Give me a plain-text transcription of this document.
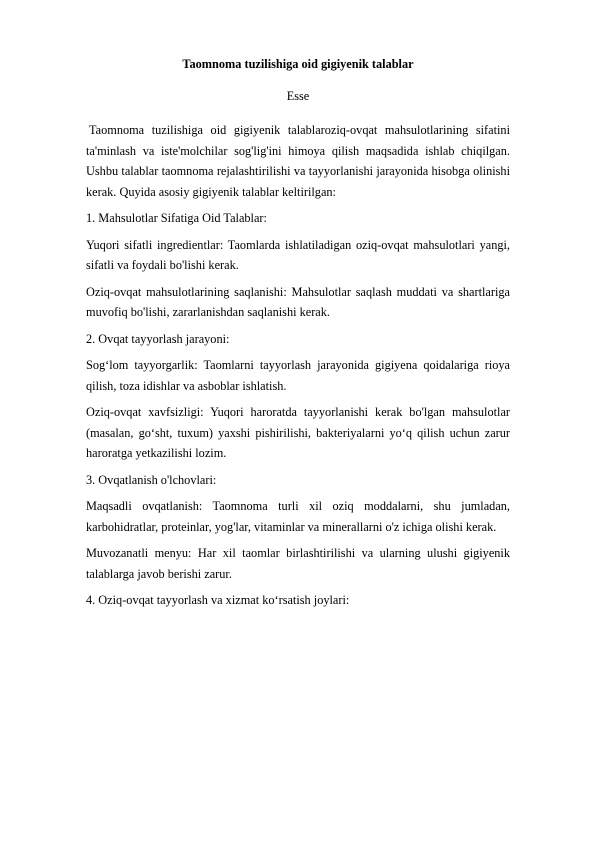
Taomnoma tuzilishiga oid gigiyenik talablar

Esse

Taomnoma tuzilishiga oid gigiyenik talablaroziq-ovqat mahsulotlarining sifatini ta'minlash va iste'molchilar sog'lig'ini himoya qilish maqsadida ishlab chiqilgan. Ushbu talablar taomnoma rejalashtirilishi va tayyorlanishi jarayonida hisobga olinishi kerak. Quyida asosiy gigiyenik talablar keltirilgan:

1. Mahsulotlar Sifatiga Oid Talablar:

Yuqori sifatli ingredientlar: Taomlarda ishlatiladigan oziq-ovqat mahsulotlari yangi, sifatli va foydali bo'lishi kerak.

Oziq-ovqat mahsulotlarining saqlanishi: Mahsulotlar saqlash muddati va shartlariga muvofiq bo'lishi, zararlanishdan saqlanishi kerak.

2. Ovqat tayyorlash jarayoni:

Sog‘lom tayyorgarlik: Taomlarni tayyorlash jarayonida gigiyena qoidalariga rioya qilish, toza idishlar va asboblar ishlatish.

Oziq-ovqat xavfsizligi: Yuqori haroratda tayyorlanishi kerak bo'lgan mahsulotlar (masalan, go‘sht, tuxum) yaxshi pishirilishi, bakteriyalarni yo‘q qilish uchun zarur haroratga yetkazilishi lozim.

3. Ovqatlanish o'lchovlari:

Maqsadli ovqatlanish: Taomnoma turli xil oziq moddalarni, shu jumladan, karbohidratlar, proteinlar, yog'lar, vitaminlar va minerallarni o'z ichiga olishi kerak.

Muvozanatli menyu: Har xil taomlar birlashtirilishi va ularning ulushi gigiyenik talablarga javob berishi zarur.

4. Oziq-ovqat tayyorlash va xizmat ko‘rsatish joylari:
